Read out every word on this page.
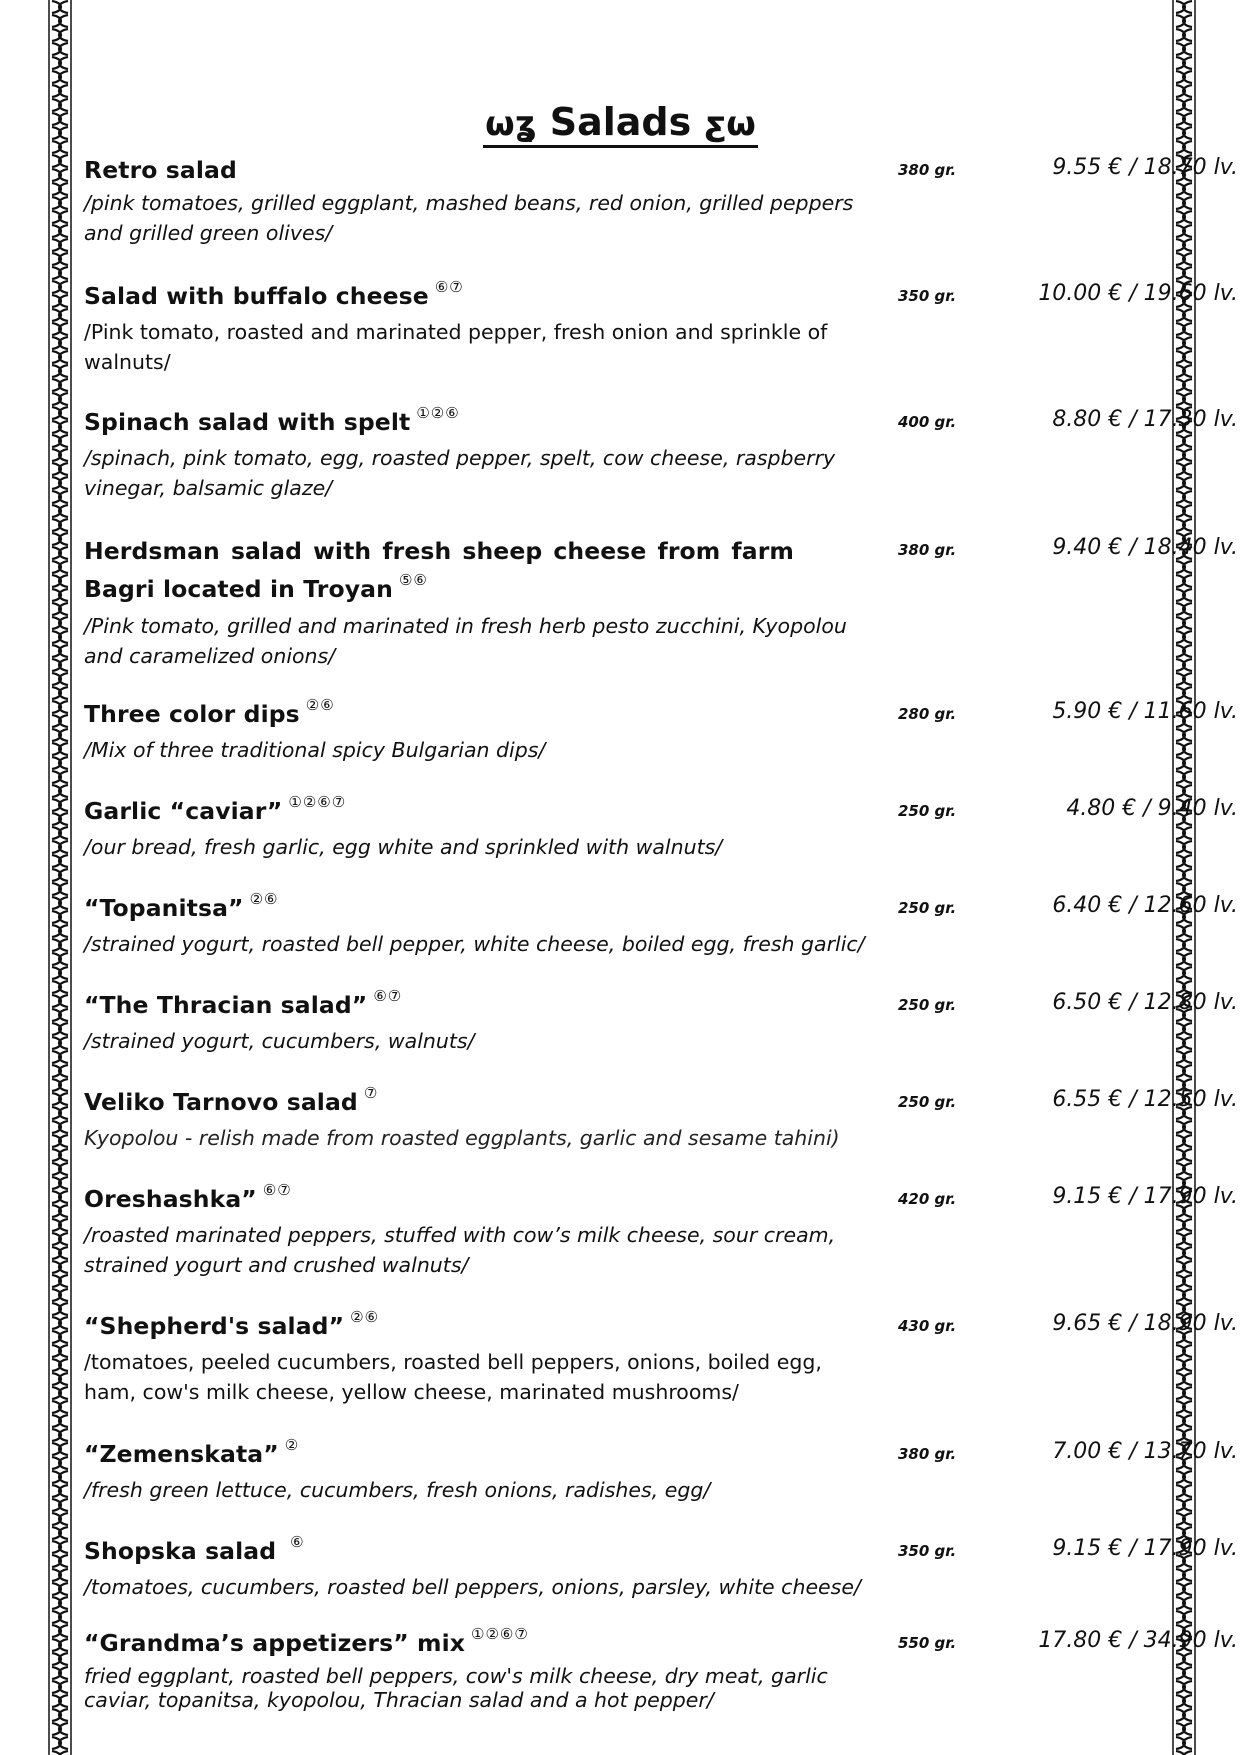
ωʓ Salads ƹω
Retro salad
/pink tomatoes, grilled eggplant, mashed beans, red onion, grilled peppers and grilled green olives/
380 gr.	9.55 € / 18.70 lv.
Salad with buffalo cheese ⑥⑦
/Pink tomato, roasted and marinated pepper, fresh onion and sprinkle of walnuts/
350 gr.	10.00 € / 19.60 lv.
Spinach salad with spelt ①②⑥
/spinach, pink tomato, egg, roasted pepper, spelt, cow cheese, raspberry vinegar, balsamic glaze/
400 gr.	8.80 € / 17.30 lv.
Herdsman salad with fresh sheep cheese from farm Bagri located in Troyan ⑤⑥
/Pink tomato, grilled and marinated in fresh herb pesto zucchini, Kyopolou and caramelized onions/
380 gr.	9.40 € / 18.40 lv.
Three color dips ②⑥
/Mix of three traditional spicy Bulgarian dips/
280 gr.	5.90 € / 11.60 lv.
Garlic “caviar” ①②⑥⑦
/our bread, fresh garlic, egg white and sprinkled with walnuts/
250 gr.	4.80 € / 9.40 lv.
“Topanitsa” ②⑥
/strained yogurt, roasted bell pepper, white cheese, boiled egg, fresh garlic/
250 gr.	6.40 € / 12.60 lv.
“The Thracian salad” ⑥⑦
/strained yogurt, cucumbers, walnuts/
250 gr.	6.50 € / 12.80 lv.
Veliko Tarnovo salad ⑦
Kyopolou - relish made from roasted eggplants, garlic and sesame tahini)
250 gr.	6.55 € / 12.50 lv.
Oreshashka” ⑥⑦
/roasted marinated peppers, stuffed with cow’s milk cheese, sour cream, strained yogurt and crushed walnuts/
420 gr.	9.15 € / 17.90 lv.
“Shepherd's salad” ②⑥
/tomatoes, peeled cucumbers, roasted bell peppers, onions, boiled egg, ham, cow's milk cheese, yellow cheese, marinated mushrooms/
430 gr.	9.65 € / 18.90 lv.
“Zemenskata” ②
/fresh green lettuce, cucumbers, fresh onions, radishes, egg/
380 gr.	7.00 € / 13.70 lv.
Shopska salad ⑥
/tomatoes, cucumbers, roasted bell peppers, onions, parsley, white cheese/
350 gr.	9.15 € / 17.90 lv.
“Grandma’s appetizers” mix ①②⑥⑦
fried eggplant, roasted bell peppers, cow's milk cheese, dry meat, garlic caviar, topanitsa, kyopolou, Thracian salad and a hot pepper/
550 gr.	17.80 € / 34.90 lv.
